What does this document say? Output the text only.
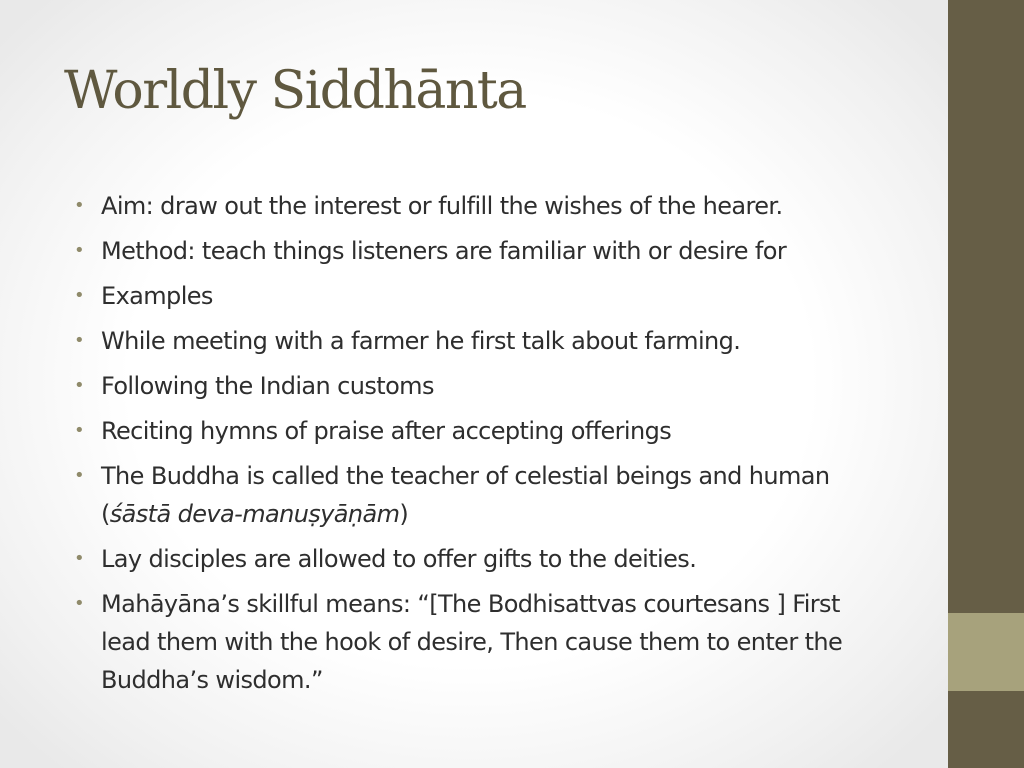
Worldly Siddhānta
• Aim: draw out the interest or fulfill the wishes of the hearer.
• Method: teach things listeners are familiar with or desire for
• Examples
• While meeting with a farmer he first talk about farming.
• Following the Indian customs
• Reciting hymns of praise after accepting offerings
• The Buddha is called the teacher of celestial beings and human (śāstā deva-manuṣyāṇām)
• Lay disciples are allowed to offer gifts to the deities.
• Mahāyāna’s skillful means: “[The Bodhisattvas courtesans ] First lead them with the hook of desire, Then cause them to enter the Buddha’s wisdom.”
